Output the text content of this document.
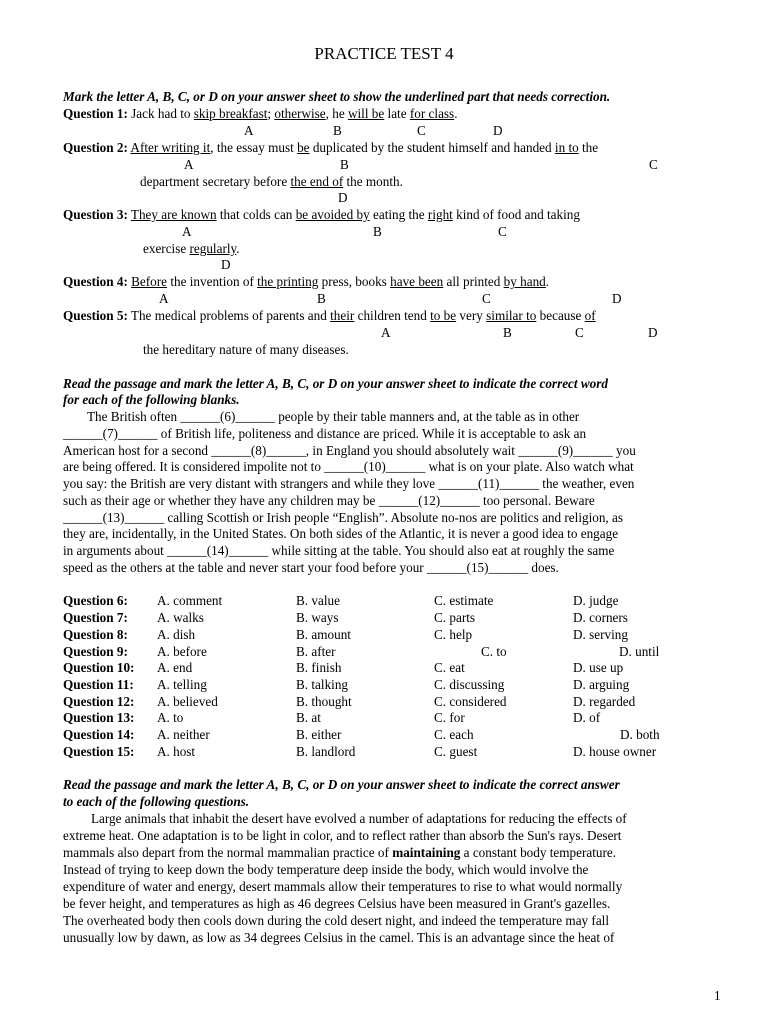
PRACTICE TEST 4
Mark the letter A, B, C, or D on your answer sheet to show the underlined part that needs correction.
Question 1: Jack had to skip breakfast; otherwise, he will be late for class.
A	B	C	D
Question 2: After writing it, the essay must be duplicated by the student himself and handed in to the
A	B	C
department secretary before the end of the month.
D
Question 3: They are known that colds can be avoided by eating the right kind of food and taking
A	B	C
exercise regularly.
D
Question 4: Before the invention of the printing press, books have been all printed by hand.
A	B	C	D
Question 5: The medical problems of parents and their children tend to be very similar to because of
A	B	C	D
the hereditary nature of many diseases.
Read the passage and mark the letter A, B, C, or D on your answer sheet to indicate the correct word
for each of the following blanks.
The British often ______(6)______ people by their table manners and, at the table as in other
______(7)______ of British life, politeness and distance are priced. While it is acceptable to ask an
American host for a second ______(8)______, in England you should absolutely wait ______(9)______ you
are being offered. It is considered impolite not to ______(10)______ what is on your plate. Also watch what
you say: the British are very distant with strangers and while they love ______(11)______ the weather, even
such as their age or whether they have any children may be ______(12)______ too personal. Beware
______(13)______ calling Scottish or Irish people “English”. Absolute no-nos are politics and religion, as
they are, incidentally, in the United States. On both sides of the Atlantic, it is never a good idea to engage
in arguments about ______(14)______ while sitting at the table. You should also eat at roughly the same
speed as the others at the table and never start your food before your ______(15)______ does.
Question 6: A. comment	B. value	C. estimate	D. judge
Question 7: A. walks	B. ways	C. parts	D. corners
Question 8: A. dish	B. amount	C. help	D. serving
Question 9: A. before	B. after	C. to	D. until
Question 10: A. end	B. finish	C. eat	D. use up
Question 11: A. telling	B. talking	C. discussing	D. arguing
Question 12: A. believed	B. thought	C. considered	D. regarded
Question 13: A. to	B. at	C. for	D. of
Question 14: A. neither	B. either	C. each	D. both
Question 15: A. host	B. landlord	C. guest	D. house owner
Read the passage and mark the letter A, B, C, or D on your answer sheet to indicate the correct answer
to each of the following questions.
Large animals that inhabit the desert have evolved a number of adaptations for reducing the effects of
extreme heat. One adaptation is to be light in color, and to reflect rather than absorb the Sun's rays. Desert
mammals also depart from the normal mammalian practice of maintaining a constant body temperature.
Instead of trying to keep down the body temperature deep inside the body, which would involve the
expenditure of water and energy, desert mammals allow their temperatures to rise to what would normally
be fever height, and temperatures as high as 46 degrees Celsius have been measured in Grant's gazelles.
The overheated body then cools down during the cold desert night, and indeed the temperature may fall
unusually low by dawn, as low as 34 degrees Celsius in the camel. This is an advantage since the heat of
1
